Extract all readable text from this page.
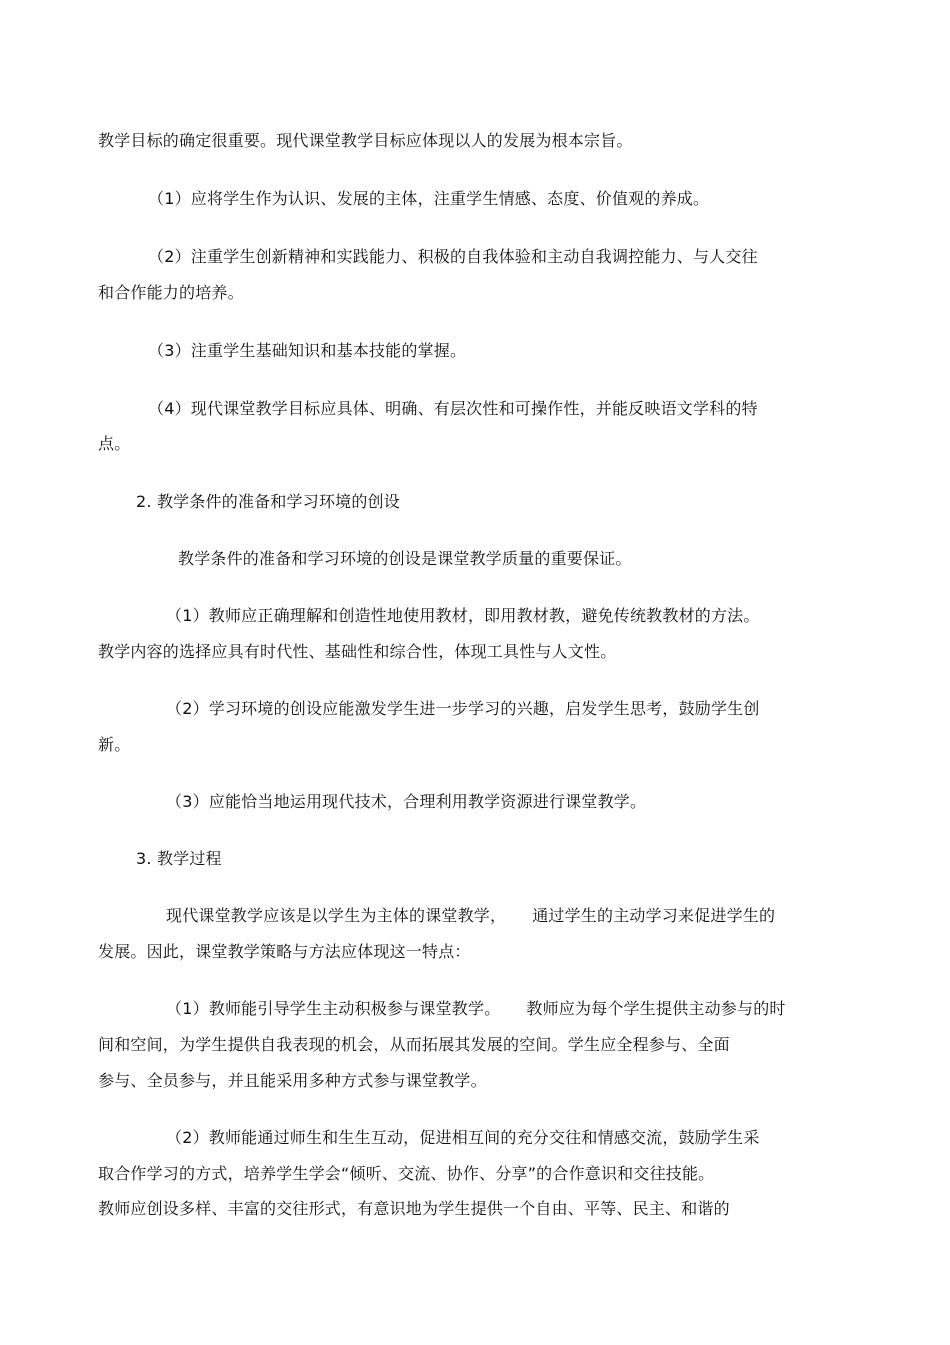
教学目标的确定很重要。现代课堂教学目标应体现以人的发展为根本宗旨。
（1）应将学生作为认识、发展的主体，注重学生情感、态度、价值观的养成。
（2）注重学生创新精神和实践能力、积极的自我体验和主动自我调控能力、与人交往
和合作能力的培养。
（3）注重学生基础知识和基本技能的掌握。
（4）现代课堂教学目标应具体、明确、有层次性和可操作性，并能反映语文学科的特
点。
2. 教学条件的准备和学习环境的创设
教学条件的准备和学习环境的创设是课堂教学质量的重要保证。
（1）教师应正确理解和创造性地使用教材，即用教材教，避免传统教教材的方法。
教学内容的选择应具有时代性、基础性和综合性，体现工具性与人文性。
（2）学习环境的创设应能激发学生进一步学习的兴趣，启发学生思考，鼓励学生创
新。
（3）应能恰当地运用现代技术，合理利用教学资源进行课堂教学。
3. 教学过程
现代课堂教学应该是以学生为主体的课堂教学， 通过学生的主动学习来促进学生的
发展。因此，课堂教学策略与方法应体现这一特点：
（1）教师能引导学生主动积极参与课堂教学。 教师应为每个学生提供主动参与的时
间和空间，为学生提供自我表现的机会，从而拓展其发展的空间。学生应全程参与、全面
参与、全员参与，并且能采用多种方式参与课堂教学。
（2）教师能通过师生和生生互动，促进相互间的充分交往和情感交流，鼓励学生采
取合作学习的方式，培养学生学会“倾听、交流、协作、分享”的合作意识和交往技能。
教师应创设多样、丰富的交往形式，有意识地为学生提供一个自由、平等、民主、和谐的
